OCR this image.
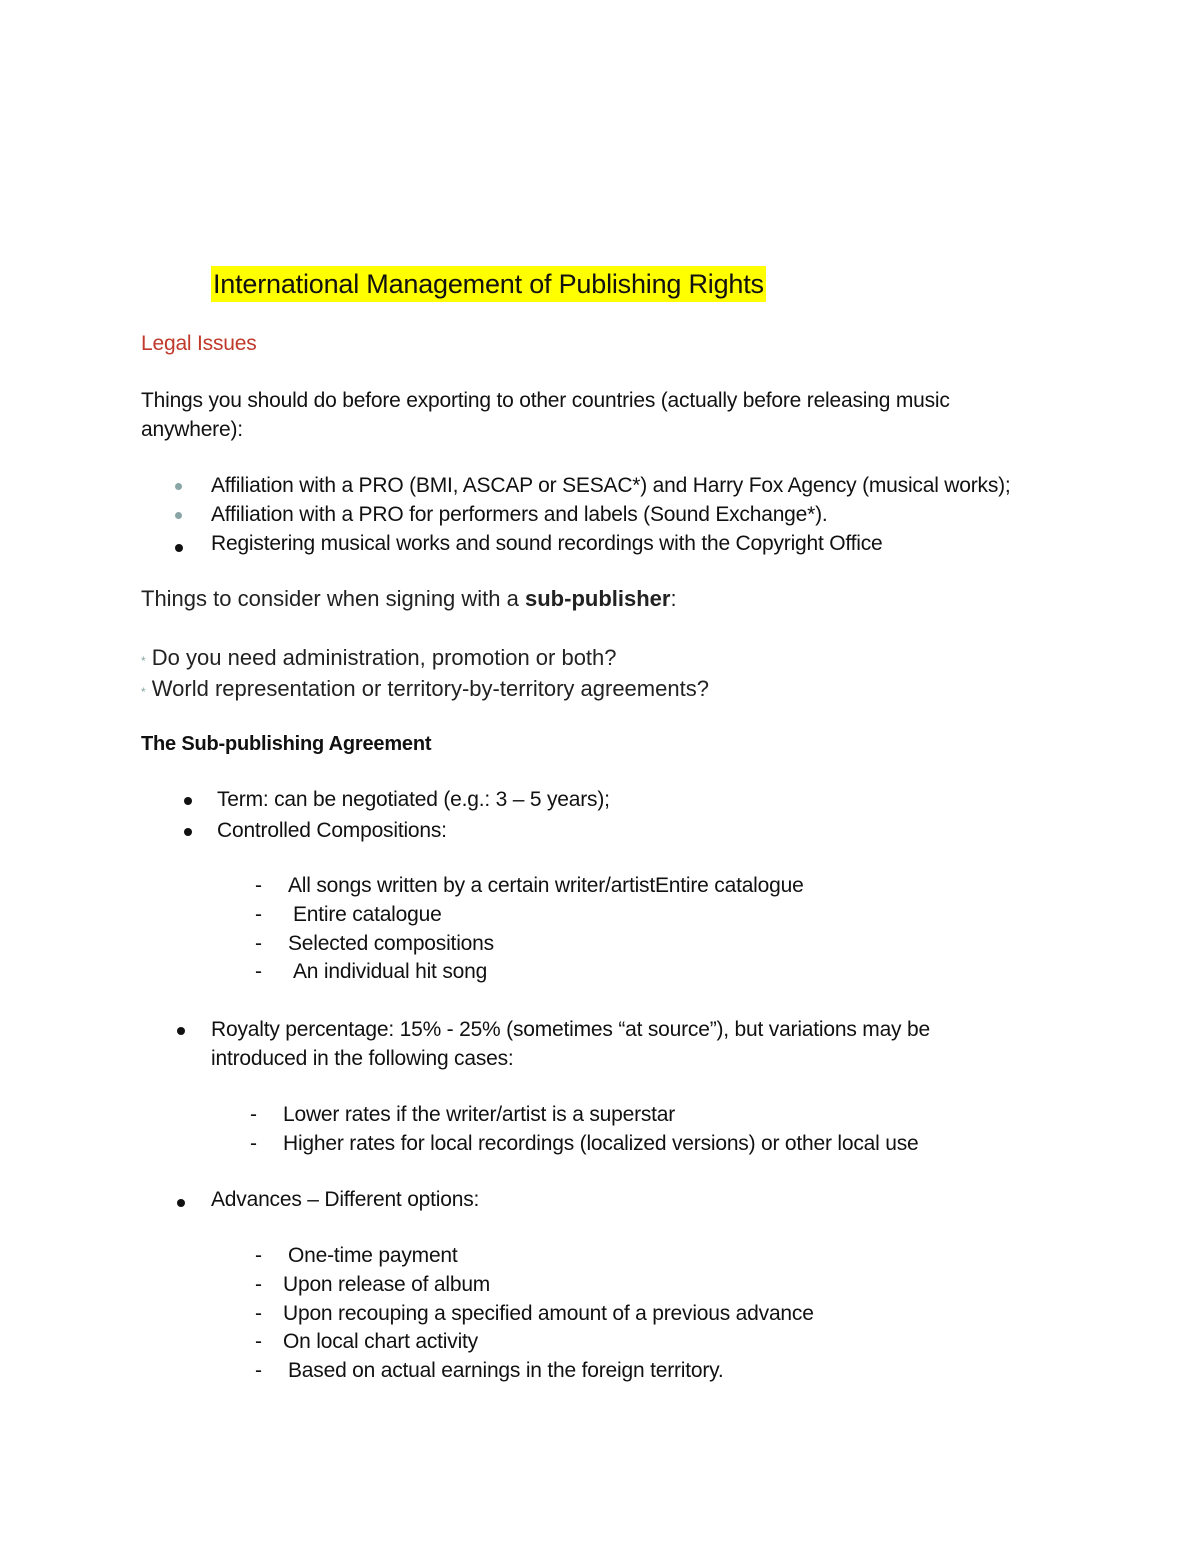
International Management of Publishing Rights
Legal Issues
Things you should do before exporting to other countries (actually before releasing music
anywhere):
Affiliation with a PRO (BMI, ASCAP or SESAC*) and Harry Fox Agency (musical works);
Affiliation with a PRO for performers and labels (Sound Exchange*).
Registering musical works and sound recordings with the Copyright Office
Things to consider when signing with a sub-publisher:
* Do you need administration, promotion or both?
* World representation or territory-by-territory agreements?
The Sub-publishing Agreement
Term: can be negotiated (e.g.: 3 – 5 years);
Controlled Compositions:
- All songs written by a certain writer/artistEntire catalogue
- Entire catalogue
- Selected compositions
- An individual hit song
Royalty percentage: 15% - 25% (sometimes “at source”), but variations may be
introduced in the following cases:
- Lower rates if the writer/artist is a superstar
- Higher rates for local recordings (localized versions) or other local use
Advances – Different options:
- One-time payment
- Upon release of album
- Upon recouping a specified amount of a previous advance
- On local chart activity
- Based on actual earnings in the foreign territory.
